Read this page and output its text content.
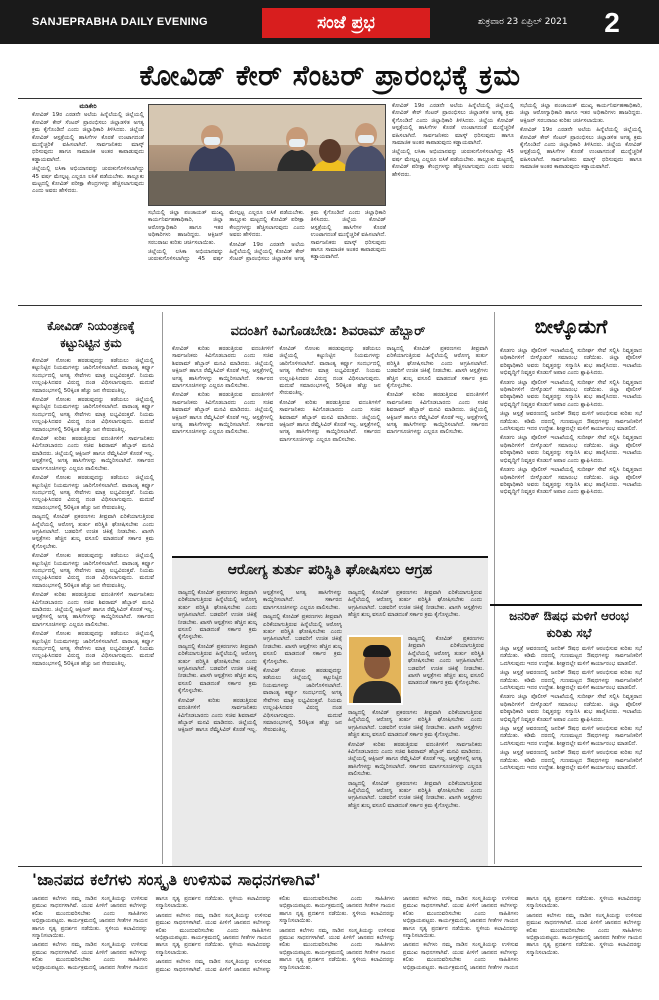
SANJEPRABHA DAILY EVENING	ಸಂಜೆ ಪ್ರಭ	ಶುಕ್ರವಾರ 23 ಏಪ್ರಿಲ್ 2021	2
ಕೋವಿಡ್ ಕೇರ್ ಸೆಂಟರ್ ಪ್ರಾರಂಭಕ್ಕೆ ಕ್ರಮ
ಮಡಿಕೇರಿ

ಕೋವಿಡ್ 19ರ ಎರಡನೇ ಅಲೆಯ ಹಿನ್ನೆಲೆಯಲ್ಲಿ ಜಿಲ್ಲೆಯಲ್ಲಿ ಕೋವಿಡ್ ಕೇರ್ ಸೆಂಟರ್ ಪ್ರಾರಂಭಿಸಲು ಜಿಲ್ಲಾಡಳಿತ ಅಗತ್ಯ ಕ್ರಮ ಕೈಗೊಂಡಿದೆ ಎಂದು ಜಿಲ್ಲಾಧಿಕಾರಿ ತಿಳಿಸಿದರು. ಜಿಲ್ಲೆಯ ಕೋವಿಡ್ ಆಸ್ಪತ್ರೆಯಲ್ಲಿ ಹಾಸಿಗೆಗಳ ಕೊರತೆ ಉಂಟಾಗದಂತೆ ಮುನ್ನೆಚ್ಚರಿಕೆ ವಹಿಸಲಾಗಿದೆ. ಸಾರ್ವಜನಿಕರು ಮಾಸ್ಕ್ ಧರಿಸುವುದು ಹಾಗೂ ಸಾಮಾಜಿಕ ಅಂತರ ಕಾಪಾಡುವುದು ಕಡ್ಡಾಯವಾಗಿದೆ.

ಜಿಲ್ಲೆಯಲ್ಲಿ ಲಸಿಕಾ ಅಭಿಯಾನವನ್ನು ಚುರುಕುಗೊಳಿಸಲಾಗಿದ್ದು 45 ವರ್ಷ ಮೇಲ್ಪಟ್ಟ ಎಲ್ಲರೂ ಲಸಿಕೆ ಪಡೆಯಬೇಕು. ತಾಲ್ಲೂಕು ಮಟ್ಟದಲ್ಲಿ ಕೋವಿಡ್ ಪರೀಕ್ಷಾ ಕೇಂದ್ರಗಳನ್ನು ಹೆಚ್ಚಿಸಲಾಗುವುದು ಎಂದು ಅವರು ಹೇಳಿದರು.

ಸಭೆಯಲ್ಲಿ ಜಿಲ್ಲಾ ಪಂಚಾಯತ್ ಮುಖ್ಯ ಕಾರ್ಯನಿರ್ವಹಣಾಧಿಕಾರಿ, ಜಿಲ್ಲಾ ಆರೋಗ್ಯಾಧಿಕಾರಿ ಹಾಗೂ ಇತರ ಅಧಿಕಾರಿಗಳು ಹಾಜರಿದ್ದರು. ಆಕ್ಸಿಜನ್ ಸರಬರಾಜು ಕುರಿತು ಚರ್ಚಿಸಲಾಯಿತು.

ಜಿಲ್ಲೆಯಲ್ಲಿ ಲಸಿಕಾ ಅಭಿಯಾನವನ್ನು ಚುರುಕುಗೊಳಿಸಲಾಗಿದ್ದು 45 ವರ್ಷ ಮೇಲ್ಪಟ್ಟ ಎಲ್ಲರೂ ಲಸಿಕೆ ಪಡೆಯಬೇಕು. ತಾಲ್ಲೂಕು ಮಟ್ಟದಲ್ಲಿ ಕೋವಿಡ್ ಪರೀಕ್ಷಾ ಕೇಂದ್ರಗಳನ್ನು ಹೆಚ್ಚಿಸಲಾಗುವುದು ಎಂದು ಅವರು ಹೇಳಿದರು.

ಕೋವಿಡ್ 19ರ ಎರಡನೇ ಅಲೆಯ ಹಿನ್ನೆಲೆಯಲ್ಲಿ ಜಿಲ್ಲೆಯಲ್ಲಿ ಕೋವಿಡ್ ಕೇರ್ ಸೆಂಟರ್ ಪ್ರಾರಂಭಿಸಲು ಜಿಲ್ಲಾಡಳಿತ ಅಗತ್ಯ ಕ್ರಮ ಕೈಗೊಂಡಿದೆ ಎಂದು ಜಿಲ್ಲಾಧಿಕಾರಿ ತಿಳಿಸಿದರು. ಜಿಲ್ಲೆಯ ಕೋವಿಡ್ ಆಸ್ಪತ್ರೆಯಲ್ಲಿ ಹಾಸಿಗೆಗಳ ಕೊರತೆ ಉಂಟಾಗದಂತೆ ಮುನ್ನೆಚ್ಚರಿಕೆ ವಹಿಸಲಾಗಿದೆ. ಸಾರ್ವಜನಿಕರು ಮಾಸ್ಕ್ ಧರಿಸುವುದು ಹಾಗೂ ಸಾಮಾಜಿಕ ಅಂತರ ಕಾಪಾಡುವುದು ಕಡ್ಡಾಯವಾಗಿದೆ.

ಕೋವಿಡ್ 19ರ ಎರಡನೇ ಅಲೆಯ ಹಿನ್ನೆಲೆಯಲ್ಲಿ ಜಿಲ್ಲೆಯಲ್ಲಿ ಕೋವಿಡ್ ಕೇರ್ ಸೆಂಟರ್ ಪ್ರಾರಂಭಿಸಲು ಜಿಲ್ಲಾಡಳಿತ ಅಗತ್ಯ ಕ್ರಮ ಕೈಗೊಂಡಿದೆ ಎಂದು ಜಿಲ್ಲಾಧಿಕಾರಿ ತಿಳಿಸಿದರು. ಜಿಲ್ಲೆಯ ಕೋವಿಡ್ ಆಸ್ಪತ್ರೆಯಲ್ಲಿ ಹಾಸಿಗೆಗಳ ಕೊರತೆ ಉಂಟಾಗದಂತೆ ಮುನ್ನೆಚ್ಚರಿಕೆ ವಹಿಸಲಾಗಿದೆ. ಸಾರ್ವಜನಿಕರು ಮಾಸ್ಕ್ ಧರಿಸುವುದು ಹಾಗೂ ಸಾಮಾಜಿಕ ಅಂತರ ಕಾಪಾಡುವುದು ಕಡ್ಡಾಯವಾಗಿದೆ.

ಜಿಲ್ಲೆಯಲ್ಲಿ ಲಸಿಕಾ ಅಭಿಯಾನವನ್ನು ಚುರುಕುಗೊಳಿಸಲಾಗಿದ್ದು 45 ವರ್ಷ ಮೇಲ್ಪಟ್ಟ ಎಲ್ಲರೂ ಲಸಿಕೆ ಪಡೆಯಬೇಕು. ತಾಲ್ಲೂಕು ಮಟ್ಟದಲ್ಲಿ ಕೋವಿಡ್ ಪರೀಕ್ಷಾ ಕೇಂದ್ರಗಳನ್ನು ಹೆಚ್ಚಿಸಲಾಗುವುದು ಎಂದು ಅವರು ಹೇಳಿದರು.

ಸಭೆಯಲ್ಲಿ ಜಿಲ್ಲಾ ಪಂಚಾಯತ್ ಮುಖ್ಯ ಕಾರ್ಯನಿರ್ವಹಣಾಧಿಕಾರಿ, ಜಿಲ್ಲಾ ಆರೋಗ್ಯಾಧಿಕಾರಿ ಹಾಗೂ ಇತರ ಅಧಿಕಾರಿಗಳು ಹಾಜರಿದ್ದರು. ಆಕ್ಸಿಜನ್ ಸರಬರಾಜು ಕುರಿತು ಚರ್ಚಿಸಲಾಯಿತು.

ಕೋವಿಡ್ 19ರ ಎರಡನೇ ಅಲೆಯ ಹಿನ್ನೆಲೆಯಲ್ಲಿ ಜಿಲ್ಲೆಯಲ್ಲಿ ಕೋವಿಡ್ ಕೇರ್ ಸೆಂಟರ್ ಪ್ರಾರಂಭಿಸಲು ಜಿಲ್ಲಾಡಳಿತ ಅಗತ್ಯ ಕ್ರಮ ಕೈಗೊಂಡಿದೆ ಎಂದು ಜಿಲ್ಲಾಧಿಕಾರಿ ತಿಳಿಸಿದರು. ಜಿಲ್ಲೆಯ ಕೋವಿಡ್ ಆಸ್ಪತ್ರೆಯಲ್ಲಿ ಹಾಸಿಗೆಗಳ ಕೊರತೆ ಉಂಟಾಗದಂತೆ ಮುನ್ನೆಚ್ಚರಿಕೆ ವಹಿಸಲಾಗಿದೆ. ಸಾರ್ವಜನಿಕರು ಮಾಸ್ಕ್ ಧರಿಸುವುದು ಹಾಗೂ ಸಾಮಾಜಿಕ ಅಂತರ ಕಾಪಾಡುವುದು ಕಡ್ಡಾಯವಾಗಿದೆ.

ಕೋವಿಡ್ ನಿಯಂತ್ರಣಕ್ಕೆ ಕಟ್ಟುನಿಟ್ಟಿನ ಕ್ರಮ

ಕೋವಿಡ್ ಸೋಂಕು ಹರಡುವುದನ್ನು ತಡೆಯಲು ಜಿಲ್ಲೆಯಲ್ಲಿ ಕಟ್ಟುನಿಟ್ಟಿನ ನಿಯಮಗಳನ್ನು ಜಾರಿಗೊಳಿಸಲಾಗಿದೆ. ವಾರಾಂತ್ಯ ಕರ್ಫ್ಯೂ ಸಂದರ್ಭದಲ್ಲಿ ಅಗತ್ಯ ಸೇವೆಗಳು ಮಾತ್ರ ಲಭ್ಯವಿರುತ್ತವೆ. ನಿಯಮ ಉಲ್ಲಂಘಿಸಿದವರ ವಿರುದ್ಧ ದಂಡ ವಿಧಿಸಲಾಗುವುದು. ಮದುವೆ ಸಮಾರಂಭಗಳಲ್ಲಿ 50ಕ್ಕಿಂತ ಹೆಚ್ಚು ಜನ ಸೇರುವಂತಿಲ್ಲ.

ಕೋವಿಡ್ ಸೋಂಕು ಹರಡುವುದನ್ನು ತಡೆಯಲು ಜಿಲ್ಲೆಯಲ್ಲಿ ಕಟ್ಟುನಿಟ್ಟಿನ ನಿಯಮಗಳನ್ನು ಜಾರಿಗೊಳಿಸಲಾಗಿದೆ. ವಾರಾಂತ್ಯ ಕರ್ಫ್ಯೂ ಸಂದರ್ಭದಲ್ಲಿ ಅಗತ್ಯ ಸೇವೆಗಳು ಮಾತ್ರ ಲಭ್ಯವಿರುತ್ತವೆ. ನಿಯಮ ಉಲ್ಲಂಘಿಸಿದವರ ವಿರುದ್ಧ ದಂಡ ವಿಧಿಸಲಾಗುವುದು. ಮದುವೆ ಸಮಾರಂಭಗಳಲ್ಲಿ 50ಕ್ಕಿಂತ ಹೆಚ್ಚು ಜನ ಸೇರುವಂತಿಲ್ಲ.

ಕೋವಿಡ್ ಕುರಿತು ಹರಡುತ್ತಿರುವ ವದಂತಿಗಳಿಗೆ ಸಾರ್ವಜನಿಕರು ಕಿವಿಗೊಡಬಾರದು ಎಂದು ಸಚಿವ ಶಿವರಾಮ್ ಹೆಬ್ಬಾರ್ ಮನವಿ ಮಾಡಿದರು. ಜಿಲ್ಲೆಯಲ್ಲಿ ಆಕ್ಸಿಜನ್ ಹಾಗೂ ರೆಮ್ಡೆಸಿವಿರ್ ಕೊರತೆ ಇಲ್ಲ. ಆಸ್ಪತ್ರೆಗಳಲ್ಲಿ ಅಗತ್ಯ ಹಾಸಿಗೆಗಳನ್ನು ಕಾಯ್ದಿರಿಸಲಾಗಿದೆ. ಸರ್ಕಾರದ ಮಾರ್ಗಸೂಚಿಗಳನ್ನು ಎಲ್ಲರೂ ಪಾಲಿಸಬೇಕು.

ಕೋವಿಡ್ ಸೋಂಕು ಹರಡುವುದನ್ನು ತಡೆಯಲು ಜಿಲ್ಲೆಯಲ್ಲಿ ಕಟ್ಟುನಿಟ್ಟಿನ ನಿಯಮಗಳನ್ನು ಜಾರಿಗೊಳಿಸಲಾಗಿದೆ. ವಾರಾಂತ್ಯ ಕರ್ಫ್ಯೂ ಸಂದರ್ಭದಲ್ಲಿ ಅಗತ್ಯ ಸೇವೆಗಳು ಮಾತ್ರ ಲಭ್ಯವಿರುತ್ತವೆ. ನಿಯಮ ಉಲ್ಲಂಘಿಸಿದವರ ವಿರುದ್ಧ ದಂಡ ವಿಧಿಸಲಾಗುವುದು. ಮದುವೆ ಸಮಾರಂಭಗಳಲ್ಲಿ 50ಕ್ಕಿಂತ ಹೆಚ್ಚು ಜನ ಸೇರುವಂತಿಲ್ಲ.

ರಾಜ್ಯದಲ್ಲಿ ಕೋವಿಡ್ ಪ್ರಕರಣಗಳು ತೀವ್ರವಾಗಿ ಏರಿಕೆಯಾಗುತ್ತಿರುವ ಹಿನ್ನೆಲೆಯಲ್ಲಿ ಆರೋಗ್ಯ ತುರ್ತು ಪರಿಸ್ಥಿತಿ ಘೋಷಿಸಬೇಕು ಎಂದು ಆಗ್ರಹಿಸಲಾಗಿದೆ. ಬಡವರಿಗೆ ಉಚಿತ ಚಿಕಿತ್ಸೆ ನೀಡಬೇಕು. ಖಾಸಗಿ ಆಸ್ಪತ್ರೆಗಳು ಹೆಚ್ಚಿನ ಶುಲ್ಕ ವಸೂಲಿ ಮಾಡದಂತೆ ಸರ್ಕಾರ ಕ್ರಮ ಕೈಗೊಳ್ಳಬೇಕು.

ಕೋವಿಡ್ ಸೋಂಕು ಹರಡುವುದನ್ನು ತಡೆಯಲು ಜಿಲ್ಲೆಯಲ್ಲಿ ಕಟ್ಟುನಿಟ್ಟಿನ ನಿಯಮಗಳನ್ನು ಜಾರಿಗೊಳಿಸಲಾಗಿದೆ. ವಾರಾಂತ್ಯ ಕರ್ಫ್ಯೂ ಸಂದರ್ಭದಲ್ಲಿ ಅಗತ್ಯ ಸೇವೆಗಳು ಮಾತ್ರ ಲಭ್ಯವಿರುತ್ತವೆ. ನಿಯಮ ಉಲ್ಲಂಘಿಸಿದವರ ವಿರುದ್ಧ ದಂಡ ವಿಧಿಸಲಾಗುವುದು. ಮದುವೆ ಸಮಾರಂಭಗಳಲ್ಲಿ 50ಕ್ಕಿಂತ ಹೆಚ್ಚು ಜನ ಸೇರುವಂತಿಲ್ಲ.

ಕೋವಿಡ್ ಕುರಿತು ಹರಡುತ್ತಿರುವ ವದಂತಿಗಳಿಗೆ ಸಾರ್ವಜನಿಕರು ಕಿವಿಗೊಡಬಾರದು ಎಂದು ಸಚಿವ ಶಿವರಾಮ್ ಹೆಬ್ಬಾರ್ ಮನವಿ ಮಾಡಿದರು. ಜಿಲ್ಲೆಯಲ್ಲಿ ಆಕ್ಸಿಜನ್ ಹಾಗೂ ರೆಮ್ಡೆಸಿವಿರ್ ಕೊರತೆ ಇಲ್ಲ. ಆಸ್ಪತ್ರೆಗಳಲ್ಲಿ ಅಗತ್ಯ ಹಾಸಿಗೆಗಳನ್ನು ಕಾಯ್ದಿರಿಸಲಾಗಿದೆ. ಸರ್ಕಾರದ ಮಾರ್ಗಸೂಚಿಗಳನ್ನು ಎಲ್ಲರೂ ಪಾಲಿಸಬೇಕು.

ಕೋವಿಡ್ ಸೋಂಕು ಹರಡುವುದನ್ನು ತಡೆಯಲು ಜಿಲ್ಲೆಯಲ್ಲಿ ಕಟ್ಟುನಿಟ್ಟಿನ ನಿಯಮಗಳನ್ನು ಜಾರಿಗೊಳಿಸಲಾಗಿದೆ. ವಾರಾಂತ್ಯ ಕರ್ಫ್ಯೂ ಸಂದರ್ಭದಲ್ಲಿ ಅಗತ್ಯ ಸೇವೆಗಳು ಮಾತ್ರ ಲಭ್ಯವಿರುತ್ತವೆ. ನಿಯಮ ಉಲ್ಲಂಘಿಸಿದವರ ವಿರುದ್ಧ ದಂಡ ವಿಧಿಸಲಾಗುವುದು. ಮದುವೆ ಸಮಾರಂಭಗಳಲ್ಲಿ 50ಕ್ಕಿಂತ ಹೆಚ್ಚು ಜನ ಸೇರುವಂತಿಲ್ಲ.

ವದಂತಿಗೆ ಕಿವಿಗೊಡಬೇಡಿ: ಶಿವರಾಮ್ ಹೆಬ್ಬಾರ್

ಕೋವಿಡ್ ಕುರಿತು ಹರಡುತ್ತಿರುವ ವದಂತಿಗಳಿಗೆ ಸಾರ್ವಜನಿಕರು ಕಿವಿಗೊಡಬಾರದು ಎಂದು ಸಚಿವ ಶಿವರಾಮ್ ಹೆಬ್ಬಾರ್ ಮನವಿ ಮಾಡಿದರು. ಜಿಲ್ಲೆಯಲ್ಲಿ ಆಕ್ಸಿಜನ್ ಹಾಗೂ ರೆಮ್ಡೆಸಿವಿರ್ ಕೊರತೆ ಇಲ್ಲ. ಆಸ್ಪತ್ರೆಗಳಲ್ಲಿ ಅಗತ್ಯ ಹಾಸಿಗೆಗಳನ್ನು ಕಾಯ್ದಿರಿಸಲಾಗಿದೆ. ಸರ್ಕಾರದ ಮಾರ್ಗಸೂಚಿಗಳನ್ನು ಎಲ್ಲರೂ ಪಾಲಿಸಬೇಕು.

ಕೋವಿಡ್ ಕುರಿತು ಹರಡುತ್ತಿರುವ ವದಂತಿಗಳಿಗೆ ಸಾರ್ವಜನಿಕರು ಕಿವಿಗೊಡಬಾರದು ಎಂದು ಸಚಿವ ಶಿವರಾಮ್ ಹೆಬ್ಬಾರ್ ಮನವಿ ಮಾಡಿದರು. ಜಿಲ್ಲೆಯಲ್ಲಿ ಆಕ್ಸಿಜನ್ ಹಾಗೂ ರೆಮ್ಡೆಸಿವಿರ್ ಕೊರತೆ ಇಲ್ಲ. ಆಸ್ಪತ್ರೆಗಳಲ್ಲಿ ಅಗತ್ಯ ಹಾಸಿಗೆಗಳನ್ನು ಕಾಯ್ದಿರಿಸಲಾಗಿದೆ. ಸರ್ಕಾರದ ಮಾರ್ಗಸೂಚಿಗಳನ್ನು ಎಲ್ಲರೂ ಪಾಲಿಸಬೇಕು.

ಕೋವಿಡ್ ಸೋಂಕು ಹರಡುವುದನ್ನು ತಡೆಯಲು ಜಿಲ್ಲೆಯಲ್ಲಿ ಕಟ್ಟುನಿಟ್ಟಿನ ನಿಯಮಗಳನ್ನು ಜಾರಿಗೊಳಿಸಲಾಗಿದೆ. ವಾರಾಂತ್ಯ ಕರ್ಫ್ಯೂ ಸಂದರ್ಭದಲ್ಲಿ ಅಗತ್ಯ ಸೇವೆಗಳು ಮಾತ್ರ ಲಭ್ಯವಿರುತ್ತವೆ. ನಿಯಮ ಉಲ್ಲಂಘಿಸಿದವರ ವಿರುದ್ಧ ದಂಡ ವಿಧಿಸಲಾಗುವುದು. ಮದುವೆ ಸಮಾರಂಭಗಳಲ್ಲಿ 50ಕ್ಕಿಂತ ಹೆಚ್ಚು ಜನ ಸೇರುವಂತಿಲ್ಲ.

ಕೋವಿಡ್ ಕುರಿತು ಹರಡುತ್ತಿರುವ ವದಂತಿಗಳಿಗೆ ಸಾರ್ವಜನಿಕರು ಕಿವಿಗೊಡಬಾರದು ಎಂದು ಸಚಿವ ಶಿವರಾಮ್ ಹೆಬ್ಬಾರ್ ಮನವಿ ಮಾಡಿದರು. ಜಿಲ್ಲೆಯಲ್ಲಿ ಆಕ್ಸಿಜನ್ ಹಾಗೂ ರೆಮ್ಡೆಸಿವಿರ್ ಕೊರತೆ ಇಲ್ಲ. ಆಸ್ಪತ್ರೆಗಳಲ್ಲಿ ಅಗತ್ಯ ಹಾಸಿಗೆಗಳನ್ನು ಕಾಯ್ದಿರಿಸಲಾಗಿದೆ. ಸರ್ಕಾರದ ಮಾರ್ಗಸೂಚಿಗಳನ್ನು ಎಲ್ಲರೂ ಪಾಲಿಸಬೇಕು.

ರಾಜ್ಯದಲ್ಲಿ ಕೋವಿಡ್ ಪ್ರಕರಣಗಳು ತೀವ್ರವಾಗಿ ಏರಿಕೆಯಾಗುತ್ತಿರುವ ಹಿನ್ನೆಲೆಯಲ್ಲಿ ಆರೋಗ್ಯ ತುರ್ತು ಪರಿಸ್ಥಿತಿ ಘೋಷಿಸಬೇಕು ಎಂದು ಆಗ್ರಹಿಸಲಾಗಿದೆ. ಬಡವರಿಗೆ ಉಚಿತ ಚಿಕಿತ್ಸೆ ನೀಡಬೇಕು. ಖಾಸಗಿ ಆಸ್ಪತ್ರೆಗಳು ಹೆಚ್ಚಿನ ಶುಲ್ಕ ವಸೂಲಿ ಮಾಡದಂತೆ ಸರ್ಕಾರ ಕ್ರಮ ಕೈಗೊಳ್ಳಬೇಕು.

ಕೋವಿಡ್ ಕುರಿತು ಹರಡುತ್ತಿರುವ ವದಂತಿಗಳಿಗೆ ಸಾರ್ವಜನಿಕರು ಕಿವಿಗೊಡಬಾರದು ಎಂದು ಸಚಿವ ಶಿವರಾಮ್ ಹೆಬ್ಬಾರ್ ಮನವಿ ಮಾಡಿದರು. ಜಿಲ್ಲೆಯಲ್ಲಿ ಆಕ್ಸಿಜನ್ ಹಾಗೂ ರೆಮ್ಡೆಸಿವಿರ್ ಕೊರತೆ ಇಲ್ಲ. ಆಸ್ಪತ್ರೆಗಳಲ್ಲಿ ಅಗತ್ಯ ಹಾಸಿಗೆಗಳನ್ನು ಕಾಯ್ದಿರಿಸಲಾಗಿದೆ. ಸರ್ಕಾರದ ಮಾರ್ಗಸೂಚಿಗಳನ್ನು ಎಲ್ಲರೂ ಪಾಲಿಸಬೇಕು.

ಬೀಳ್ಕೊಡುಗೆ

ಕೊಡಗು ಜಿಲ್ಲಾ ಪೊಲೀಸ್ ಇಲಾಖೆಯಲ್ಲಿ ಸುದೀರ್ಘ ಸೇವೆ ಸಲ್ಲಿಸಿ ನಿವೃತ್ತರಾದ ಅಧಿಕಾರಿಗಳಿಗೆ ಬೀಳ್ಕೊಡುಗೆ ಸಮಾರಂಭ ನಡೆಯಿತು. ಜಿಲ್ಲಾ ಪೊಲೀಸ್ ವರಿಷ್ಠಾಧಿಕಾರಿ ಅವರು ನಿವೃತ್ತರನ್ನು ಸನ್ಮಾನಿಸಿ ಶುಭ ಹಾರೈಸಿದರು. ಇಲಾಖೆಯ ಅಭಿವೃದ್ಧಿಗೆ ನಿವೃತ್ತರ ಕೊಡುಗೆ ಅಪಾರ ಎಂದು ಶ್ಲಾಘಿಸಿದರು.

ಕೊಡಗು ಜಿಲ್ಲಾ ಪೊಲೀಸ್ ಇಲಾಖೆಯಲ್ಲಿ ಸುದೀರ್ಘ ಸೇವೆ ಸಲ್ಲಿಸಿ ನಿವೃತ್ತರಾದ ಅಧಿಕಾರಿಗಳಿಗೆ ಬೀಳ್ಕೊಡುಗೆ ಸಮಾರಂಭ ನಡೆಯಿತು. ಜಿಲ್ಲಾ ಪೊಲೀಸ್ ವರಿಷ್ಠಾಧಿಕಾರಿ ಅವರು ನಿವೃತ್ತರನ್ನು ಸನ್ಮಾನಿಸಿ ಶುಭ ಹಾರೈಸಿದರು. ಇಲಾಖೆಯ ಅಭಿವೃದ್ಧಿಗೆ ನಿವೃತ್ತರ ಕೊಡುಗೆ ಅಪಾರ ಎಂದು ಶ್ಲಾಘಿಸಿದರು.

ಜಿಲ್ಲಾ ಆಸ್ಪತ್ರೆ ಆವರಣದಲ್ಲಿ ಜನರಿಕ್ ಔಷಧ ಮಳಿಗೆ ಆರಂಭಿಸುವ ಕುರಿತು ಸಭೆ ನಡೆಯಿತು. ಕಡಿಮೆ ದರದಲ್ಲಿ ಗುಣಮಟ್ಟದ ಔಷಧಗಳನ್ನು ಸಾರ್ವಜನಿಕರಿಗೆ ಒದಗಿಸುವುದು ಇದರ ಉದ್ದೇಶ. ಶೀಘ್ರದಲ್ಲೇ ಮಳಿಗೆ ಕಾರ್ಯಾರಂಭ ಮಾಡಲಿದೆ.

ಕೊಡಗು ಜಿಲ್ಲಾ ಪೊಲೀಸ್ ಇಲಾಖೆಯಲ್ಲಿ ಸುದೀರ್ಘ ಸೇವೆ ಸಲ್ಲಿಸಿ ನಿವೃತ್ತರಾದ ಅಧಿಕಾರಿಗಳಿಗೆ ಬೀಳ್ಕೊಡುಗೆ ಸಮಾರಂಭ ನಡೆಯಿತು. ಜಿಲ್ಲಾ ಪೊಲೀಸ್ ವರಿಷ್ಠಾಧಿಕಾರಿ ಅವರು ನಿವೃತ್ತರನ್ನು ಸನ್ಮಾನಿಸಿ ಶುಭ ಹಾರೈಸಿದರು. ಇಲಾಖೆಯ ಅಭಿವೃದ್ಧಿಗೆ ನಿವೃತ್ತರ ಕೊಡುಗೆ ಅಪಾರ ಎಂದು ಶ್ಲಾಘಿಸಿದರು.

ಕೊಡಗು ಜಿಲ್ಲಾ ಪೊಲೀಸ್ ಇಲಾಖೆಯಲ್ಲಿ ಸುದೀರ್ಘ ಸೇವೆ ಸಲ್ಲಿಸಿ ನಿವೃತ್ತರಾದ ಅಧಿಕಾರಿಗಳಿಗೆ ಬೀಳ್ಕೊಡುಗೆ ಸಮಾರಂಭ ನಡೆಯಿತು. ಜಿಲ್ಲಾ ಪೊಲೀಸ್ ವರಿಷ್ಠಾಧಿಕಾರಿ ಅವರು ನಿವೃತ್ತರನ್ನು ಸನ್ಮಾನಿಸಿ ಶುಭ ಹಾರೈಸಿದರು. ಇಲಾಖೆಯ ಅಭಿವೃದ್ಧಿಗೆ ನಿವೃತ್ತರ ಕೊಡುಗೆ ಅಪಾರ ಎಂದು ಶ್ಲಾಘಿಸಿದರು.

ಆರೋಗ್ಯ ತುರ್ತು ಪರಿಸ್ಥಿತಿ ಘೋಷಿಸಲು ಆಗ್ರಹ

ರಾಜ್ಯದಲ್ಲಿ ಕೋವಿಡ್ ಪ್ರಕರಣಗಳು ತೀವ್ರವಾಗಿ ಏರಿಕೆಯಾಗುತ್ತಿರುವ ಹಿನ್ನೆಲೆಯಲ್ಲಿ ಆರೋಗ್ಯ ತುರ್ತು ಪರಿಸ್ಥಿತಿ ಘೋಷಿಸಬೇಕು ಎಂದು ಆಗ್ರಹಿಸಲಾಗಿದೆ. ಬಡವರಿಗೆ ಉಚಿತ ಚಿಕಿತ್ಸೆ ನೀಡಬೇಕು. ಖಾಸಗಿ ಆಸ್ಪತ್ರೆಗಳು ಹೆಚ್ಚಿನ ಶುಲ್ಕ ವಸೂಲಿ ಮಾಡದಂತೆ ಸರ್ಕಾರ ಕ್ರಮ ಕೈಗೊಳ್ಳಬೇಕು.

ರಾಜ್ಯದಲ್ಲಿ ಕೋವಿಡ್ ಪ್ರಕರಣಗಳು ತೀವ್ರವಾಗಿ ಏರಿಕೆಯಾಗುತ್ತಿರುವ ಹಿನ್ನೆಲೆಯಲ್ಲಿ ಆರೋಗ್ಯ ತುರ್ತು ಪರಿಸ್ಥಿತಿ ಘೋಷಿಸಬೇಕು ಎಂದು ಆಗ್ರಹಿಸಲಾಗಿದೆ. ಬಡವರಿಗೆ ಉಚಿತ ಚಿಕಿತ್ಸೆ ನೀಡಬೇಕು. ಖಾಸಗಿ ಆಸ್ಪತ್ರೆಗಳು ಹೆಚ್ಚಿನ ಶುಲ್ಕ ವಸೂಲಿ ಮಾಡದಂತೆ ಸರ್ಕಾರ ಕ್ರಮ ಕೈಗೊಳ್ಳಬೇಕು.

ಕೋವಿಡ್ ಕುರಿತು ಹರಡುತ್ತಿರುವ ವದಂತಿಗಳಿಗೆ ಸಾರ್ವಜನಿಕರು ಕಿವಿಗೊಡಬಾರದು ಎಂದು ಸಚಿವ ಶಿವರಾಮ್ ಹೆಬ್ಬಾರ್ ಮನವಿ ಮಾಡಿದರು. ಜಿಲ್ಲೆಯಲ್ಲಿ ಆಕ್ಸಿಜನ್ ಹಾಗೂ ರೆಮ್ಡೆಸಿವಿರ್ ಕೊರತೆ ಇಲ್ಲ. ಆಸ್ಪತ್ರೆಗಳಲ್ಲಿ ಅಗತ್ಯ ಹಾಸಿಗೆಗಳನ್ನು ಕಾಯ್ದಿರಿಸಲಾಗಿದೆ. ಸರ್ಕಾರದ ಮಾರ್ಗಸೂಚಿಗಳನ್ನು ಎಲ್ಲರೂ ಪಾಲಿಸಬೇಕು.

ರಾಜ್ಯದಲ್ಲಿ ಕೋವಿಡ್ ಪ್ರಕರಣಗಳು ತೀವ್ರವಾಗಿ ಏರಿಕೆಯಾಗುತ್ತಿರುವ ಹಿನ್ನೆಲೆಯಲ್ಲಿ ಆರೋಗ್ಯ ತುರ್ತು ಪರಿಸ್ಥಿತಿ ಘೋಷಿಸಬೇಕು ಎಂದು ಆಗ್ರಹಿಸಲಾಗಿದೆ. ಬಡವರಿಗೆ ಉಚಿತ ಚಿಕಿತ್ಸೆ ನೀಡಬೇಕು. ಖಾಸಗಿ ಆಸ್ಪತ್ರೆಗಳು ಹೆಚ್ಚಿನ ಶುಲ್ಕ ವಸೂಲಿ ಮಾಡದಂತೆ ಸರ್ಕಾರ ಕ್ರಮ ಕೈಗೊಳ್ಳಬೇಕು.

ಕೋವಿಡ್ ಸೋಂಕು ಹರಡುವುದನ್ನು ತಡೆಯಲು ಜಿಲ್ಲೆಯಲ್ಲಿ ಕಟ್ಟುನಿಟ್ಟಿನ ನಿಯಮಗಳನ್ನು ಜಾರಿಗೊಳಿಸಲಾಗಿದೆ. ವಾರಾಂತ್ಯ ಕರ್ಫ್ಯೂ ಸಂದರ್ಭದಲ್ಲಿ ಅಗತ್ಯ ಸೇವೆಗಳು ಮಾತ್ರ ಲಭ್ಯವಿರುತ್ತವೆ. ನಿಯಮ ಉಲ್ಲಂಘಿಸಿದವರ ವಿರುದ್ಧ ದಂಡ ವಿಧಿಸಲಾಗುವುದು. ಮದುವೆ ಸಮಾರಂಭಗಳಲ್ಲಿ 50ಕ್ಕಿಂತ ಹೆಚ್ಚು ಜನ ಸೇರುವಂತಿಲ್ಲ.

ರಾಜ್ಯದಲ್ಲಿ ಕೋವಿಡ್ ಪ್ರಕರಣಗಳು ತೀವ್ರವಾಗಿ ಏರಿಕೆಯಾಗುತ್ತಿರುವ ಹಿನ್ನೆಲೆಯಲ್ಲಿ ಆರೋಗ್ಯ ತುರ್ತು ಪರಿಸ್ಥಿತಿ ಘೋಷಿಸಬೇಕು ಎಂದು ಆಗ್ರಹಿಸಲಾಗಿದೆ. ಬಡವರಿಗೆ ಉಚಿತ ಚಿಕಿತ್ಸೆ ನೀಡಬೇಕು. ಖಾಸಗಿ ಆಸ್ಪತ್ರೆಗಳು ಹೆಚ್ಚಿನ ಶುಲ್ಕ ವಸೂಲಿ ಮಾಡದಂತೆ ಸರ್ಕಾರ ಕ್ರಮ ಕೈಗೊಳ್ಳಬೇಕು.

ರಾಜ್ಯದಲ್ಲಿ ಕೋವಿಡ್ ಪ್ರಕರಣಗಳು ತೀವ್ರವಾಗಿ ಏರಿಕೆಯಾಗುತ್ತಿರುವ ಹಿನ್ನೆಲೆಯಲ್ಲಿ ಆರೋಗ್ಯ ತುರ್ತು ಪರಿಸ್ಥಿತಿ ಘೋಷಿಸಬೇಕು ಎಂದು ಆಗ್ರಹಿಸಲಾಗಿದೆ. ಬಡವರಿಗೆ ಉಚಿತ ಚಿಕಿತ್ಸೆ ನೀಡಬೇಕು. ಖಾಸಗಿ ಆಸ್ಪತ್ರೆಗಳು ಹೆಚ್ಚಿನ ಶುಲ್ಕ ವಸೂಲಿ ಮಾಡದಂತೆ ಸರ್ಕಾರ ಕ್ರಮ ಕೈಗೊಳ್ಳಬೇಕು.

ರಾಜ್ಯದಲ್ಲಿ ಕೋವಿಡ್ ಪ್ರಕರಣಗಳು ತೀವ್ರವಾಗಿ ಏರಿಕೆಯಾಗುತ್ತಿರುವ ಹಿನ್ನೆಲೆಯಲ್ಲಿ ಆರೋಗ್ಯ ತುರ್ತು ಪರಿಸ್ಥಿತಿ ಘೋಷಿಸಬೇಕು ಎಂದು ಆಗ್ರಹಿಸಲಾಗಿದೆ. ಬಡವರಿಗೆ ಉಚಿತ ಚಿಕಿತ್ಸೆ ನೀಡಬೇಕು. ಖಾಸಗಿ ಆಸ್ಪತ್ರೆಗಳು ಹೆಚ್ಚಿನ ಶುಲ್ಕ ವಸೂಲಿ ಮಾಡದಂತೆ ಸರ್ಕಾರ ಕ್ರಮ ಕೈಗೊಳ್ಳಬೇಕು.

ಕೋವಿಡ್ ಕುರಿತು ಹರಡುತ್ತಿರುವ ವದಂತಿಗಳಿಗೆ ಸಾರ್ವಜನಿಕರು ಕಿವಿಗೊಡಬಾರದು ಎಂದು ಸಚಿವ ಶಿವರಾಮ್ ಹೆಬ್ಬಾರ್ ಮನವಿ ಮಾಡಿದರು. ಜಿಲ್ಲೆಯಲ್ಲಿ ಆಕ್ಸಿಜನ್ ಹಾಗೂ ರೆಮ್ಡೆಸಿವಿರ್ ಕೊರತೆ ಇಲ್ಲ. ಆಸ್ಪತ್ರೆಗಳಲ್ಲಿ ಅಗತ್ಯ ಹಾಸಿಗೆಗಳನ್ನು ಕಾಯ್ದಿರಿಸಲಾಗಿದೆ. ಸರ್ಕಾರದ ಮಾರ್ಗಸೂಚಿಗಳನ್ನು ಎಲ್ಲರೂ ಪಾಲಿಸಬೇಕು.

ರಾಜ್ಯದಲ್ಲಿ ಕೋವಿಡ್ ಪ್ರಕರಣಗಳು ತೀವ್ರವಾಗಿ ಏರಿಕೆಯಾಗುತ್ತಿರುವ ಹಿನ್ನೆಲೆಯಲ್ಲಿ ಆರೋಗ್ಯ ತುರ್ತು ಪರಿಸ್ಥಿತಿ ಘೋಷಿಸಬೇಕು ಎಂದು ಆಗ್ರಹಿಸಲಾಗಿದೆ. ಬಡವರಿಗೆ ಉಚಿತ ಚಿಕಿತ್ಸೆ ನೀಡಬೇಕು. ಖಾಸಗಿ ಆಸ್ಪತ್ರೆಗಳು ಹೆಚ್ಚಿನ ಶುಲ್ಕ ವಸೂಲಿ ಮಾಡದಂತೆ ಸರ್ಕಾರ ಕ್ರಮ ಕೈಗೊಳ್ಳಬೇಕು.

ಜನರಿಕ್ ಔಷಧ ಮಳಿಗೆ ಆರಂಭ ಕುರಿತು ಸಭೆ

ಜಿಲ್ಲಾ ಆಸ್ಪತ್ರೆ ಆವರಣದಲ್ಲಿ ಜನರಿಕ್ ಔಷಧ ಮಳಿಗೆ ಆರಂಭಿಸುವ ಕುರಿತು ಸಭೆ ನಡೆಯಿತು. ಕಡಿಮೆ ದರದಲ್ಲಿ ಗುಣಮಟ್ಟದ ಔಷಧಗಳನ್ನು ಸಾರ್ವಜನಿಕರಿಗೆ ಒದಗಿಸುವುದು ಇದರ ಉದ್ದೇಶ. ಶೀಘ್ರದಲ್ಲೇ ಮಳಿಗೆ ಕಾರ್ಯಾರಂಭ ಮಾಡಲಿದೆ.

ಜಿಲ್ಲಾ ಆಸ್ಪತ್ರೆ ಆವರಣದಲ್ಲಿ ಜನರಿಕ್ ಔಷಧ ಮಳಿಗೆ ಆರಂಭಿಸುವ ಕುರಿತು ಸಭೆ ನಡೆಯಿತು. ಕಡಿಮೆ ದರದಲ್ಲಿ ಗುಣಮಟ್ಟದ ಔಷಧಗಳನ್ನು ಸಾರ್ವಜನಿಕರಿಗೆ ಒದಗಿಸುವುದು ಇದರ ಉದ್ದೇಶ. ಶೀಘ್ರದಲ್ಲೇ ಮಳಿಗೆ ಕಾರ್ಯಾರಂಭ ಮಾಡಲಿದೆ.

ಕೊಡಗು ಜಿಲ್ಲಾ ಪೊಲೀಸ್ ಇಲಾಖೆಯಲ್ಲಿ ಸುದೀರ್ಘ ಸೇವೆ ಸಲ್ಲಿಸಿ ನಿವೃತ್ತರಾದ ಅಧಿಕಾರಿಗಳಿಗೆ ಬೀಳ್ಕೊಡುಗೆ ಸಮಾರಂಭ ನಡೆಯಿತು. ಜಿಲ್ಲಾ ಪೊಲೀಸ್ ವರಿಷ್ಠಾಧಿಕಾರಿ ಅವರು ನಿವೃತ್ತರನ್ನು ಸನ್ಮಾನಿಸಿ ಶುಭ ಹಾರೈಸಿದರು. ಇಲಾಖೆಯ ಅಭಿವೃದ್ಧಿಗೆ ನಿವೃತ್ತರ ಕೊಡುಗೆ ಅಪಾರ ಎಂದು ಶ್ಲಾಘಿಸಿದರು.

ಜಿಲ್ಲಾ ಆಸ್ಪತ್ರೆ ಆವರಣದಲ್ಲಿ ಜನರಿಕ್ ಔಷಧ ಮಳಿಗೆ ಆರಂಭಿಸುವ ಕುರಿತು ಸಭೆ ನಡೆಯಿತು. ಕಡಿಮೆ ದರದಲ್ಲಿ ಗುಣಮಟ್ಟದ ಔಷಧಗಳನ್ನು ಸಾರ್ವಜನಿಕರಿಗೆ ಒದಗಿಸುವುದು ಇದರ ಉದ್ದೇಶ. ಶೀಘ್ರದಲ್ಲೇ ಮಳಿಗೆ ಕಾರ್ಯಾರಂಭ ಮಾಡಲಿದೆ.

ಜಿಲ್ಲಾ ಆಸ್ಪತ್ರೆ ಆವರಣದಲ್ಲಿ ಜನರಿಕ್ ಔಷಧ ಮಳಿಗೆ ಆರಂಭಿಸುವ ಕುರಿತು ಸಭೆ ನಡೆಯಿತು. ಕಡಿಮೆ ದರದಲ್ಲಿ ಗುಣಮಟ್ಟದ ಔಷಧಗಳನ್ನು ಸಾರ್ವಜನಿಕರಿಗೆ ಒದಗಿಸುವುದು ಇದರ ಉದ್ದೇಶ. ಶೀಘ್ರದಲ್ಲೇ ಮಳಿಗೆ ಕಾರ್ಯಾರಂಭ ಮಾಡಲಿದೆ.

'ಜಾನಪದ ಕಲೆಗಳು ಸಂಸ್ಕೃತಿ ಉಳಿಸುವ ಸಾಧನಗಳಾಗಿವೆ'

ಜಾನಪದ ಕಲೆಗಳು ನಮ್ಮ ನಾಡಿನ ಸಂಸ್ಕೃತಿಯನ್ನು ಉಳಿಸುವ ಪ್ರಮುಖ ಸಾಧನಗಳಾಗಿವೆ. ಯುವ ಪೀಳಿಗೆ ಜಾನಪದ ಕಲೆಗಳನ್ನು ಕಲಿತು ಮುಂದುವರಿಸಬೇಕು ಎಂದು ಸಾಹಿತಿಗಳು ಅಭಿಪ್ರಾಯಪಟ್ಟರು. ಕಾರ್ಯಕ್ರಮದಲ್ಲಿ ಜಾನಪದ ಗೀತೆಗಳ ಗಾಯನ ಹಾಗೂ ನೃತ್ಯ ಪ್ರದರ್ಶನ ನಡೆಯಿತು. ಸ್ಥಳೀಯ ಕಲಾವಿದರನ್ನು ಸನ್ಮಾನಿಸಲಾಯಿತು.

ಜಾನಪದ ಕಲೆಗಳು ನಮ್ಮ ನಾಡಿನ ಸಂಸ್ಕೃತಿಯನ್ನು ಉಳಿಸುವ ಪ್ರಮುಖ ಸಾಧನಗಳಾಗಿವೆ. ಯುವ ಪೀಳಿಗೆ ಜಾನಪದ ಕಲೆಗಳನ್ನು ಕಲಿತು ಮುಂದುವರಿಸಬೇಕು ಎಂದು ಸಾಹಿತಿಗಳು ಅಭಿಪ್ರಾಯಪಟ್ಟರು. ಕಾರ್ಯಕ್ರಮದಲ್ಲಿ ಜಾನಪದ ಗೀತೆಗಳ ಗಾಯನ ಹಾಗೂ ನೃತ್ಯ ಪ್ರದರ್ಶನ ನಡೆಯಿತು. ಸ್ಥಳೀಯ ಕಲಾವಿದರನ್ನು ಸನ್ಮಾನಿಸಲಾಯಿತು.

ಜಾನಪದ ಕಲೆಗಳು ನಮ್ಮ ನಾಡಿನ ಸಂಸ್ಕೃತಿಯನ್ನು ಉಳಿಸುವ ಪ್ರಮುಖ ಸಾಧನಗಳಾಗಿವೆ. ಯುವ ಪೀಳಿಗೆ ಜಾನಪದ ಕಲೆಗಳನ್ನು ಕಲಿತು ಮುಂದುವರಿಸಬೇಕು ಎಂದು ಸಾಹಿತಿಗಳು ಅಭಿಪ್ರಾಯಪಟ್ಟರು. ಕಾರ್ಯಕ್ರಮದಲ್ಲಿ ಜಾನಪದ ಗೀತೆಗಳ ಗಾಯನ ಹಾಗೂ ನೃತ್ಯ ಪ್ರದರ್ಶನ ನಡೆಯಿತು. ಸ್ಥಳೀಯ ಕಲಾವಿದರನ್ನು ಸನ್ಮಾನಿಸಲಾಯಿತು.

ಜಾನಪದ ಕಲೆಗಳು ನಮ್ಮ ನಾಡಿನ ಸಂಸ್ಕೃತಿಯನ್ನು ಉಳಿಸುವ ಪ್ರಮುಖ ಸಾಧನಗಳಾಗಿವೆ. ಯುವ ಪೀಳಿಗೆ ಜಾನಪದ ಕಲೆಗಳನ್ನು ಕಲಿತು ಮುಂದುವರಿಸಬೇಕು ಎಂದು ಸಾಹಿತಿಗಳು ಅಭಿಪ್ರಾಯಪಟ್ಟರು. ಕಾರ್ಯಕ್ರಮದಲ್ಲಿ ಜಾನಪದ ಗೀತೆಗಳ ಗಾಯನ ಹಾಗೂ ನೃತ್ಯ ಪ್ರದರ್ಶನ ನಡೆಯಿತು. ಸ್ಥಳೀಯ ಕಲಾವಿದರನ್ನು ಸನ್ಮಾನಿಸಲಾಯಿತು.

ಜಾನಪದ ಕಲೆಗಳು ನಮ್ಮ ನಾಡಿನ ಸಂಸ್ಕೃತಿಯನ್ನು ಉಳಿಸುವ ಪ್ರಮುಖ ಸಾಧನಗಳಾಗಿವೆ. ಯುವ ಪೀಳಿಗೆ ಜಾನಪದ ಕಲೆಗಳನ್ನು ಕಲಿತು ಮುಂದುವರಿಸಬೇಕು ಎಂದು ಸಾಹಿತಿಗಳು ಅಭಿಪ್ರಾಯಪಟ್ಟರು. ಕಾರ್ಯಕ್ರಮದಲ್ಲಿ ಜಾನಪದ ಗೀತೆಗಳ ಗಾಯನ ಹಾಗೂ ನೃತ್ಯ ಪ್ರದರ್ಶನ ನಡೆಯಿತು. ಸ್ಥಳೀಯ ಕಲಾವಿದರನ್ನು ಸನ್ಮಾನಿಸಲಾಯಿತು.

ಜಾನಪದ ಕಲೆಗಳು ನಮ್ಮ ನಾಡಿನ ಸಂಸ್ಕೃತಿಯನ್ನು ಉಳಿಸುವ ಪ್ರಮುಖ ಸಾಧನಗಳಾಗಿವೆ. ಯುವ ಪೀಳಿಗೆ ಜಾನಪದ ಕಲೆಗಳನ್ನು ಕಲಿತು ಮುಂದುವರಿಸಬೇಕು ಎಂದು ಸಾಹಿತಿಗಳು ಅಭಿಪ್ರಾಯಪಟ್ಟರು. ಕಾರ್ಯಕ್ರಮದಲ್ಲಿ ಜಾನಪದ ಗೀತೆಗಳ ಗಾಯನ ಹಾಗೂ ನೃತ್ಯ ಪ್ರದರ್ಶನ ನಡೆಯಿತು. ಸ್ಥಳೀಯ ಕಲಾವಿದರನ್ನು ಸನ್ಮಾನಿಸಲಾಯಿತು.

ಜಾನಪದ ಕಲೆಗಳು ನಮ್ಮ ನಾಡಿನ ಸಂಸ್ಕೃತಿಯನ್ನು ಉಳಿಸುವ ಪ್ರಮುಖ ಸಾಧನಗಳಾಗಿವೆ. ಯುವ ಪೀಳಿಗೆ ಜಾನಪದ ಕಲೆಗಳನ್ನು ಕಲಿತು ಮುಂದುವರಿಸಬೇಕು ಎಂದು ಸಾಹಿತಿಗಳು ಅಭಿಪ್ರಾಯಪಟ್ಟರು. ಕಾರ್ಯಕ್ರಮದಲ್ಲಿ ಜಾನಪದ ಗೀತೆಗಳ ಗಾಯನ ಹಾಗೂ ನೃತ್ಯ ಪ್ರದರ್ಶನ ನಡೆಯಿತು. ಸ್ಥಳೀಯ ಕಲಾವಿದರನ್ನು ಸನ್ಮಾನಿಸಲಾಯಿತು.

ಜಾನಪದ ಕಲೆಗಳು ನಮ್ಮ ನಾಡಿನ ಸಂಸ್ಕೃತಿಯನ್ನು ಉಳಿಸುವ ಪ್ರಮುಖ ಸಾಧನಗಳಾಗಿವೆ. ಯುವ ಪೀಳಿಗೆ ಜಾನಪದ ಕಲೆಗಳನ್ನು ಕಲಿತು ಮುಂದುವರಿಸಬೇಕು ಎಂದು ಸಾಹಿತಿಗಳು ಅಭಿಪ್ರಾಯಪಟ್ಟರು. ಕಾರ್ಯಕ್ರಮದಲ್ಲಿ ಜಾನಪದ ಗೀತೆಗಳ ಗಾಯನ ಹಾಗೂ ನೃತ್ಯ ಪ್ರದರ್ಶನ ನಡೆಯಿತು. ಸ್ಥಳೀಯ ಕಲಾವಿದರನ್ನು ಸನ್ಮಾನಿಸಲಾಯಿತು.
